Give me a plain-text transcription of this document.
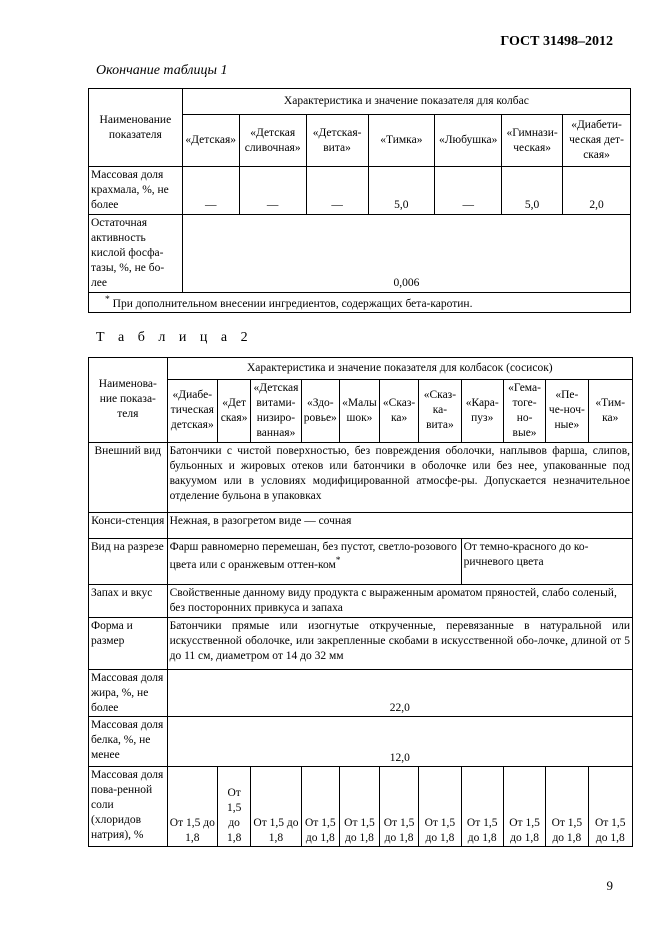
ГОСТ 31498–2012
Окончание таблицы 1
Наименование показателя	Характеристика и значение показателя для колбас						
	«Детская»	«Детская сливочная»	«Детская-вита»	«Тимка»	«Любушка»	«Гимнази-ческая»	«Диабети-ческая дет-ская»
Массовая доля крахмала, %, не более	—	—	—	5,0	—	5,0	2,0
Остаточная активность кислой фосфа-тазы, %, не бо-лее	0,006						
* При дополнительном внесении ингредиентов, содержащих бета-каротин.							
Т а б л и ц а 2
Наименова-ние показа-теля	Характеристика и значение показателя для колбасок (сосисок)										
	«Диабе-тическая детская»	«Дет ская»	«Детская витами-низиро-ванная»	«Здо-ровье»	«Малы шок»	«Сказ-ка»	«Сказ-ка-вита»	«Кара-пуз»	«Гема-тоге-но-вые»	«Пе-че-ноч-ные»	«Тим-ка»
Внешний вид	Батончики с чистой поверхностью, без повреждения оболочки, наплывов фарша, слипов, бульонных и жировых отеков или батончики в оболочке или без нее, упакованные под вакуумом или в условиях модифицированной атмосфе-ры. Допускается незначительное отделение бульона в упаковках										
Конси-стенция	Нежная, в разогретом виде — сочная										
Вид на разрезе	Фарш равномерно перемешан, без пустот, светло-розового цвета или с оранжевым оттен-ком*							От темно-красного до ко-ричневого цвета			
Запах и вкус	Свойственные данному виду продукта с выраженным ароматом пряностей, слабо соленый, без посторонних привкуса и запаха										
Форма и размер	Батончики прямые или изогнутые открученные, перевязанные в натуральной или искусственной оболочке, или закрепленные скобами в искусственной обо-лочке, длиной от 5 до 11 см, диаметром от 14 до 32 мм										
Массовая доля жира, %, не более	22,0										
Массовая доля белка, %, не менее	12,0										
Массовая доля пова-ренной соли (хлоридов натрия), %	От 1,5 до 1,8	От 1,5 до 1,8	От 1,5 до 1,8	От 1,5 до 1,8	От 1,5 до 1,8	От 1,5 до 1,8	От 1,5 до 1,8	От 1,5 до 1,8	От 1,5 до 1,8	От 1,5 до 1,8	От 1,5 до 1,8
9
